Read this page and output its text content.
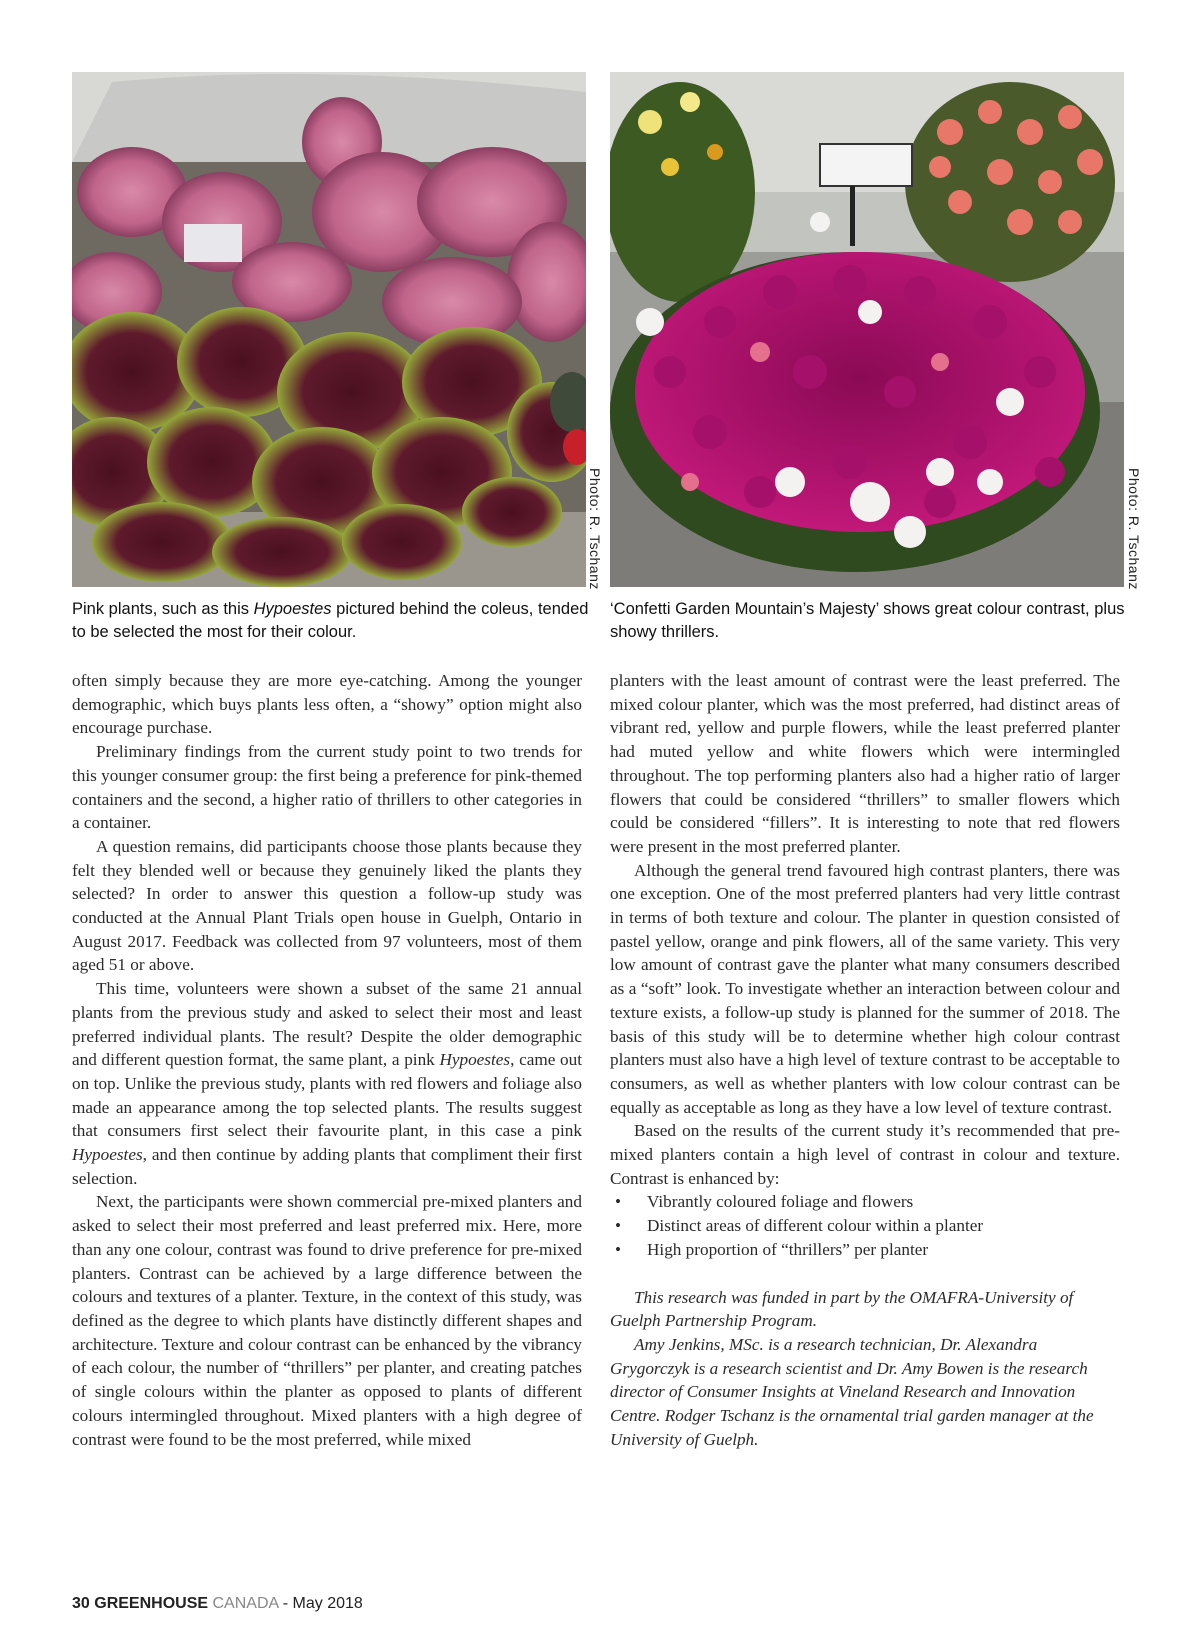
Photo: R. Tschanz	Photo: R. Tschanz
Pink plants, such as this Hypoestes pictured behind the coleus, tended to be selected the most for their colour.
‘Confetti Garden Mountain’s Majesty’ shows great colour contrast, plus showy thrillers.

often simply because they are more eye-catching. Among the younger demographic, which buys plants less often, a “showy” option might also encourage purchase.

Preliminary findings from the current study point to two trends for this younger consumer group: the first being a preference for pink-themed containers and the second, a higher ratio of thrillers to other categories in a container.

A question remains, did participants choose those plants because they felt they blended well or because they genuinely liked the plants they selected? In order to answer this question a follow-up study was conducted at the Annual Plant Trials open house in Guelph, Ontario in August 2017. Feedback was collected from 97 volunteers, most of them aged 51 or above.

This time, volunteers were shown a subset of the same 21 annual plants from the previous study and asked to select their most and least preferred individual plants. The result? Despite the older demographic and different question format, the same plant, a pink Hypoestes, came out on top. Unlike the previous study, plants with red flowers and foliage also made an appearance among the top selected plants. The results suggest that consumers first select their favourite plant, in this case a pink Hypoestes, and then continue by adding plants that compliment their first selection.

Next, the participants were shown commercial pre-mixed planters and asked to select their most preferred and least preferred mix. Here, more than any one colour, contrast was found to drive preference for pre-mixed planters. Contrast can be achieved by a large difference between the colours and textures of a planter. Texture, in the context of this study, was defined as the degree to which plants have distinctly different shapes and architecture. Texture and colour contrast can be enhanced by the vibrancy of each colour, the number of “thrillers” per planter, and creating patches of single colours within the planter as opposed to plants of different colours intermingled throughout. Mixed planters with a high degree of contrast were found to be the most preferred, while mixed

planters with the least amount of contrast were the least preferred. The mixed colour planter, which was the most preferred, had distinct areas of vibrant red, yellow and purple flowers, while the least preferred planter had muted yellow and white flowers which were intermingled throughout. The top performing planters also had a higher ratio of larger flowers that could be considered “thrillers” to smaller flowers which could be considered “fillers”. It is interesting to note that red flowers were present in the most preferred planter.

Although the general trend favoured high contrast planters, there was one exception. One of the most preferred planters had very little contrast in terms of both texture and colour. The planter in question consisted of pastel yellow, orange and pink flowers, all of the same variety. This very low amount of contrast gave the planter what many consumers described as a “soft” look. To investigate whether an interaction between colour and texture exists, a follow-up study is planned for the summer of 2018. The basis of this study will be to determine whether high colour contrast planters must also have a high level of texture contrast to be acceptable to consumers, as well as whether planters with low colour contrast can be equally as acceptable as long as they have a low level of texture contrast.

Based on the results of the current study it’s recommended that pre-mixed planters contain a high level of contrast in colour and texture. Contrast is enhanced by:

• Vibrantly coloured foliage and flowers
• Distinct areas of different colour within a planter
• High proportion of “thrillers” per planter

This research was funded in part by the OMAFRA-University of Guelph Partnership Program.

Amy Jenkins, MSc. is a research technician, Dr. Alexandra Grygorczyk is a research scientist and Dr. Amy Bowen is the research director of Consumer Insights at Vineland Research and Innovation Centre. Rodger Tschanz is the ornamental trial garden manager at the University of Guelph.

30 GREENHOUSE CANADA - May 2018
